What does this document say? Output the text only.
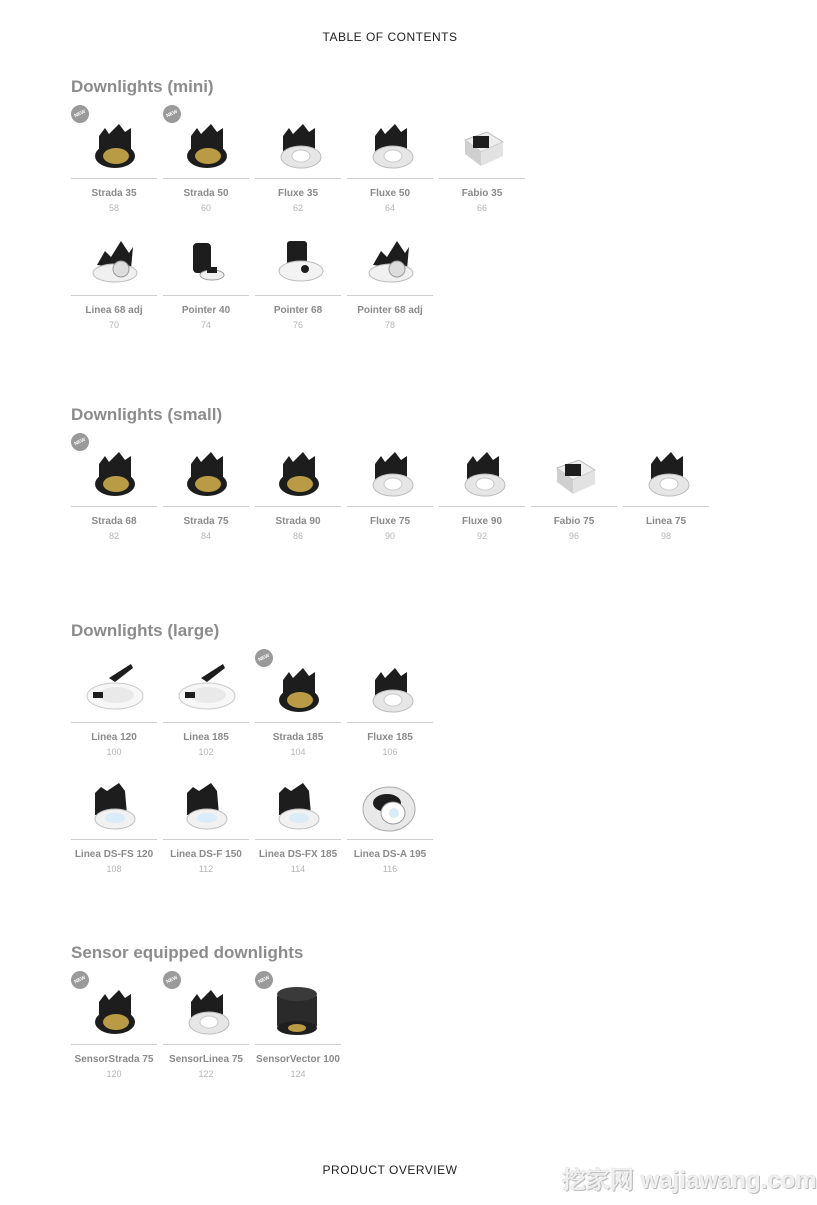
TABLE OF CONTENTS
Downlights (mini)
NEW
Strada 35
58
NEW
Strada 50
60
Fluxe 35
62
Fluxe 50
64
Fabio 35
66
Linea 68 adj
70
Pointer 40
74
Pointer 68
76
Pointer 68 adj
78
Downlights (small)
NEW
Strada 68
82
Strada 75
84
Strada 90
86
Fluxe 75
90
Fluxe 90
92
Fabio 75
96
Linea 75
98
Downlights (large)
Linea 120
100
Linea 185
102
NEW
Strada 185
104
Fluxe 185
106
Linea DS-FS 120
108
Linea DS-F 150
112
Linea DS-FX 185
114
Linea DS-A 195
116
Sensor equipped downlights
NEW
SensorStrada 75
120
NEW
SensorLinea 75
122
NEW
SensorVector 100
124
PRODUCT OVERVIEW	挖家网 wajiawang.com
